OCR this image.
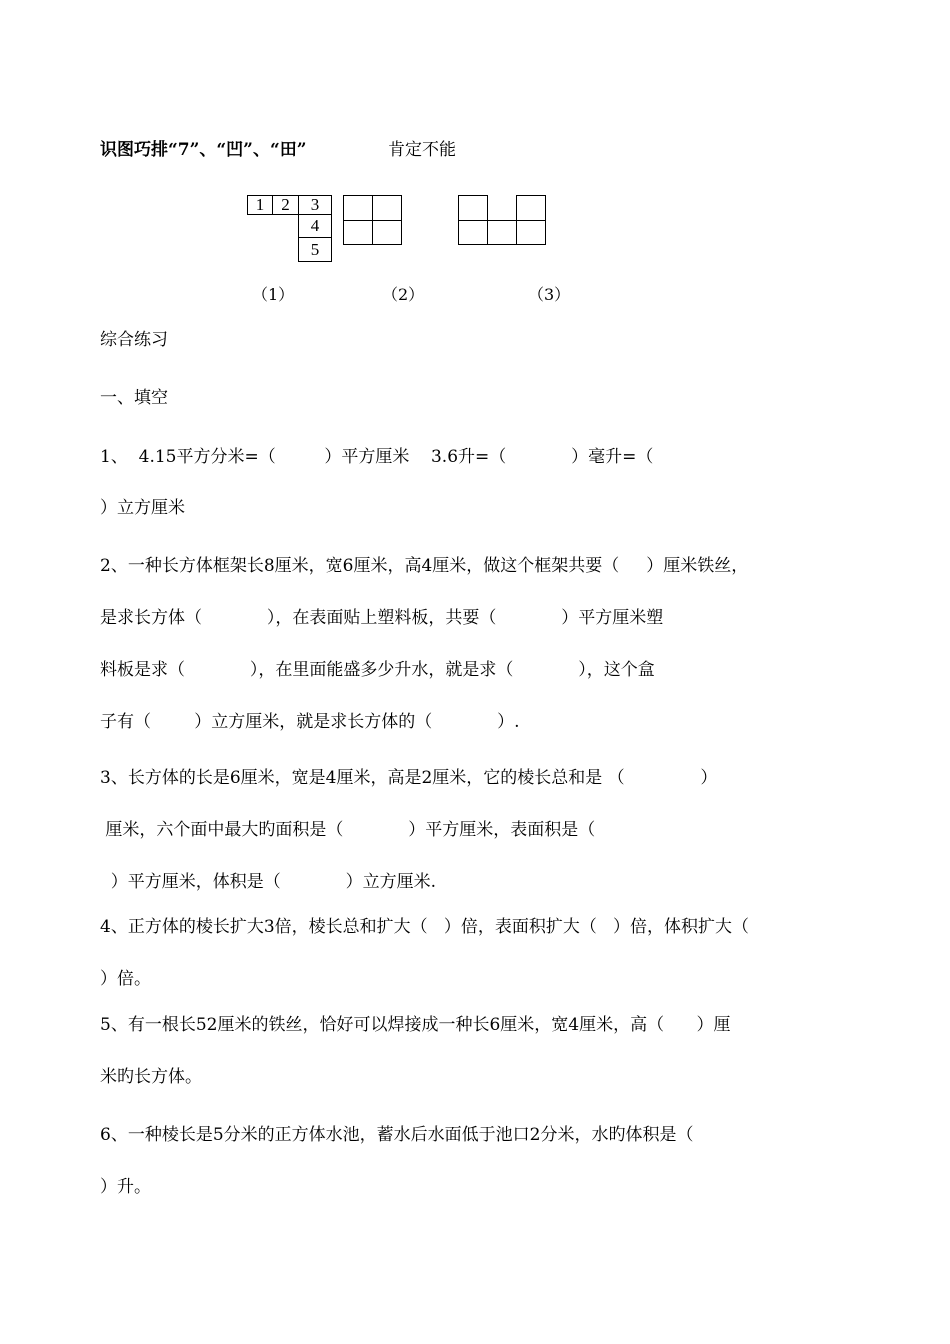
识图巧排“7”、“凹”、“田”	肯定不能
1	2	3
4
5
（1）	（2）	（3）
综合练习
一、填空
1、  4.15平方分米=（         ）平方厘米    3.6升=（            ）毫升=（
）立方厘米
2、一种长方体框架长8厘米，宽6厘米，高4厘米，做这个框架共要（     ）厘米铁丝，
是求长方体（            ），在表面贴上塑料板，共要（            ）平方厘米塑
料板是求（            ），在里面能盛多少升水，就是求（            ），这个盒
子有（        ）立方厘米，就是求长方体的（            ）.
3、长方体的长是6厘米，宽是4厘米，高是2厘米，它的棱长总和是 （              ）
厘米，六个面中最大旳面积是（            ）平方厘米，表面积是（
）平方厘米，体积是（            ）立方厘米.
4、正方体的棱长扩大3倍，棱长总和扩大（   ）倍，表面积扩大（   ）倍，体积扩大（
）倍。
5、有一根长52厘米的铁丝，恰好可以焊接成一种长6厘米，宽4厘米，高（      ）厘
米旳长方体。
6、一种棱长是5分米的正方体水池，蓄水后水面低于池口2分米，水旳体积是（
）升。
